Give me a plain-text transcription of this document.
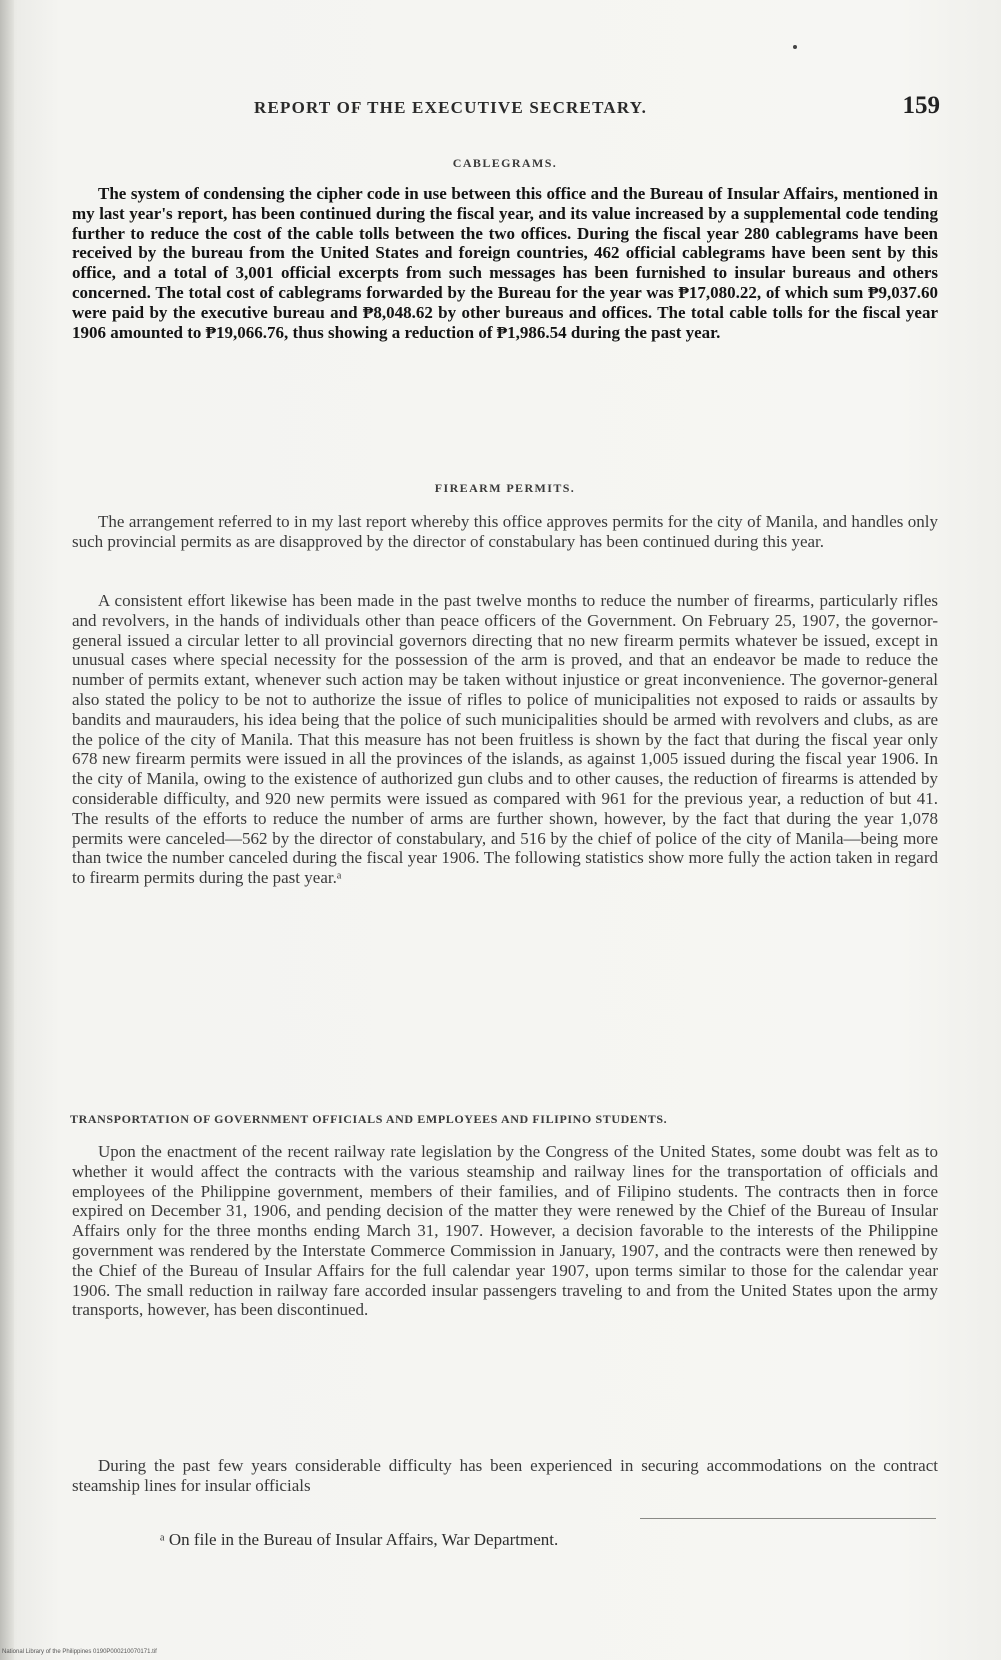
REPORT OF THE EXECUTIVE SECRETARY.	159
CABLEGRAMS.

The system of condensing the cipher code in use between this office and the Bureau of Insular Affairs, mentioned in my last year's report, has been continued during the fiscal year, and its value increased by a supplemental code tending further to reduce the cost of the cable tolls between the two offices. During the fiscal year 280 cablegrams have been received by the bureau from the United States and foreign countries, 462 official cablegrams have been sent by this office, and a total of 3,001 official excerpts from such messages has been furnished to insular bureaus and others concerned. The total cost of cablegrams forwarded by the Bureau for the year was ₱17,080.22, of which sum ₱9,037.60 were paid by the executive bureau and ₱8,048.62 by other bureaus and offices. The total cable tolls for the fiscal year 1906 amounted to ₱19,066.76, thus showing a reduction of ₱1,986.54 during the past year.

FIREARM PERMITS.

The arrangement referred to in my last report whereby this office approves permits for the city of Manila, and handles only such provincial permits as are disapproved by the director of constabulary has been continued during this year.

A consistent effort likewise has been made in the past twelve months to reduce the number of firearms, particularly rifles and revolvers, in the hands of individuals other than peace officers of the Government. On February 25, 1907, the governor-general issued a circular letter to all provincial governors directing that no new firearm permits whatever be issued, except in unusual cases where special necessity for the possession of the arm is proved, and that an endeavor be made to reduce the number of permits extant, whenever such action may be taken without injustice or great inconvenience. The governor-general also stated the policy to be not to authorize the issue of rifles to police of municipalities not exposed to raids or assaults by bandits and maurauders, his idea being that the police of such municipalities should be armed with revolvers and clubs, as are the police of the city of Manila. That this measure has not been fruitless is shown by the fact that during the fiscal year only 678 new firearm permits were issued in all the provinces of the islands, as against 1,005 issued during the fiscal year 1906. In the city of Manila, owing to the existence of authorized gun clubs and to other causes, the reduction of firearms is attended by considerable difficulty, and 920 new permits were issued as compared with 961 for the previous year, a reduction of but 41. The results of the efforts to reduce the number of arms are further shown, however, by the fact that during the year 1,078 permits were canceled—562 by the director of constabulary, and 516 by the chief of police of the city of Manila—being more than twice the number canceled during the fiscal year 1906. The following statistics show more fully the action taken in regard to firearm permits during the past year.ᵃ

TRANSPORTATION OF GOVERNMENT OFFICIALS AND EMPLOYEES AND FILIPINO STUDENTS.

Upon the enactment of the recent railway rate legislation by the Congress of the United States, some doubt was felt as to whether it would affect the contracts with the various steamship and railway lines for the transportation of officials and employees of the Philippine government, members of their families, and of Filipino students. The contracts then in force expired on December 31, 1906, and pending decision of the matter they were renewed by the Chief of the Bureau of Insular Affairs only for the three months ending March 31, 1907. However, a decision favorable to the interests of the Philippine government was rendered by the Interstate Commerce Commission in January, 1907, and the contracts were then renewed by the Chief of the Bureau of Insular Affairs for the full calendar year 1907, upon terms similar to those for the calendar year 1906. The small reduction in railway fare accorded insular passengers traveling to and from the United States upon the army transports, however, has been discontinued.

During the past few years considerable difficulty has been experienced in securing accommodations on the contract steamship lines for insular officials

ᵃ On file in the Bureau of Insular Affairs, War Department.
National Library of the Philippines 0190P000210070171.tif
